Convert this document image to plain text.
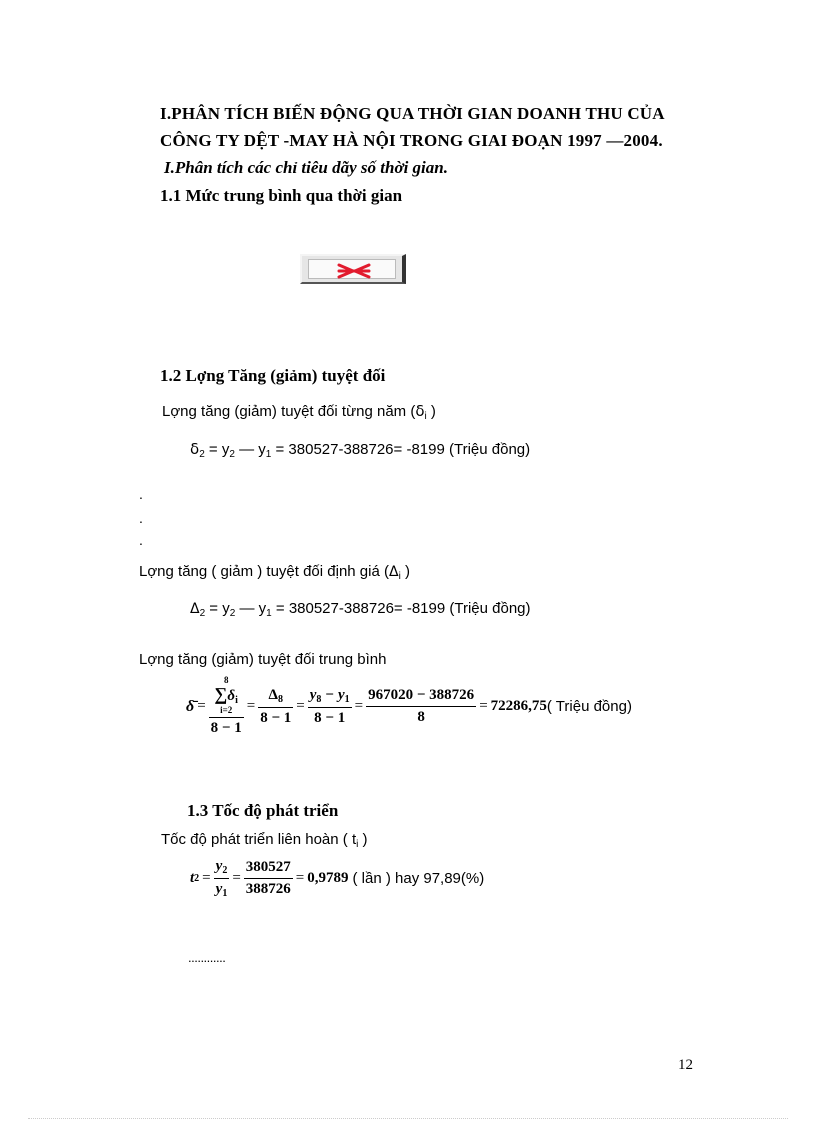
I.PHÂN TÍCH BIẾN ĐỘNG QUA THỜI GIAN DOANH THU CỦA
CÔNG TY DỆT -MAY HÀ NỘI TRONG GIAI ĐOẠN 1997 —2004.
I.Phân tích các chỉ tiêu dãy số thời gian.
1.1 Mức trung bình qua thời gian
1.2 Lợng Tăng (giảm) tuyệt đối
Lợng tăng (giảm) tuyệt đối từng năm ($\delta_i$ )
$\delta_2 = y_2$ — $y_1 = 380527-388726= -8199$ (Triệu đồng)
.
.
.
Lợng tăng ( giảm ) tuyệt đối định giá ($\Delta_i$ )
$\Delta_2 = y_2$ — $y_1 = 380527-388726= -8199$ (Triệu đồng)
Lợng tăng (giảm) tuyệt đối trung bình
δ̄ = 8
$\sum\delta_i$
i=2
$8 - 1 = \frac{\Delta_8}{8 - 1} = \frac{y_8 - y_1}{8 - 1} = \frac{967020 - 388726}{8} = 72286,75$ ( Triệu đồng)
1.3 Tốc độ phát triển
Tốc độ phát triển liên hoàn ( $t_i$ )
t $2 = \frac{y_2}{y_1} = \frac{380527}{388726} = 0,9789$ ( lần ) hay 97,89(%)
............
12
